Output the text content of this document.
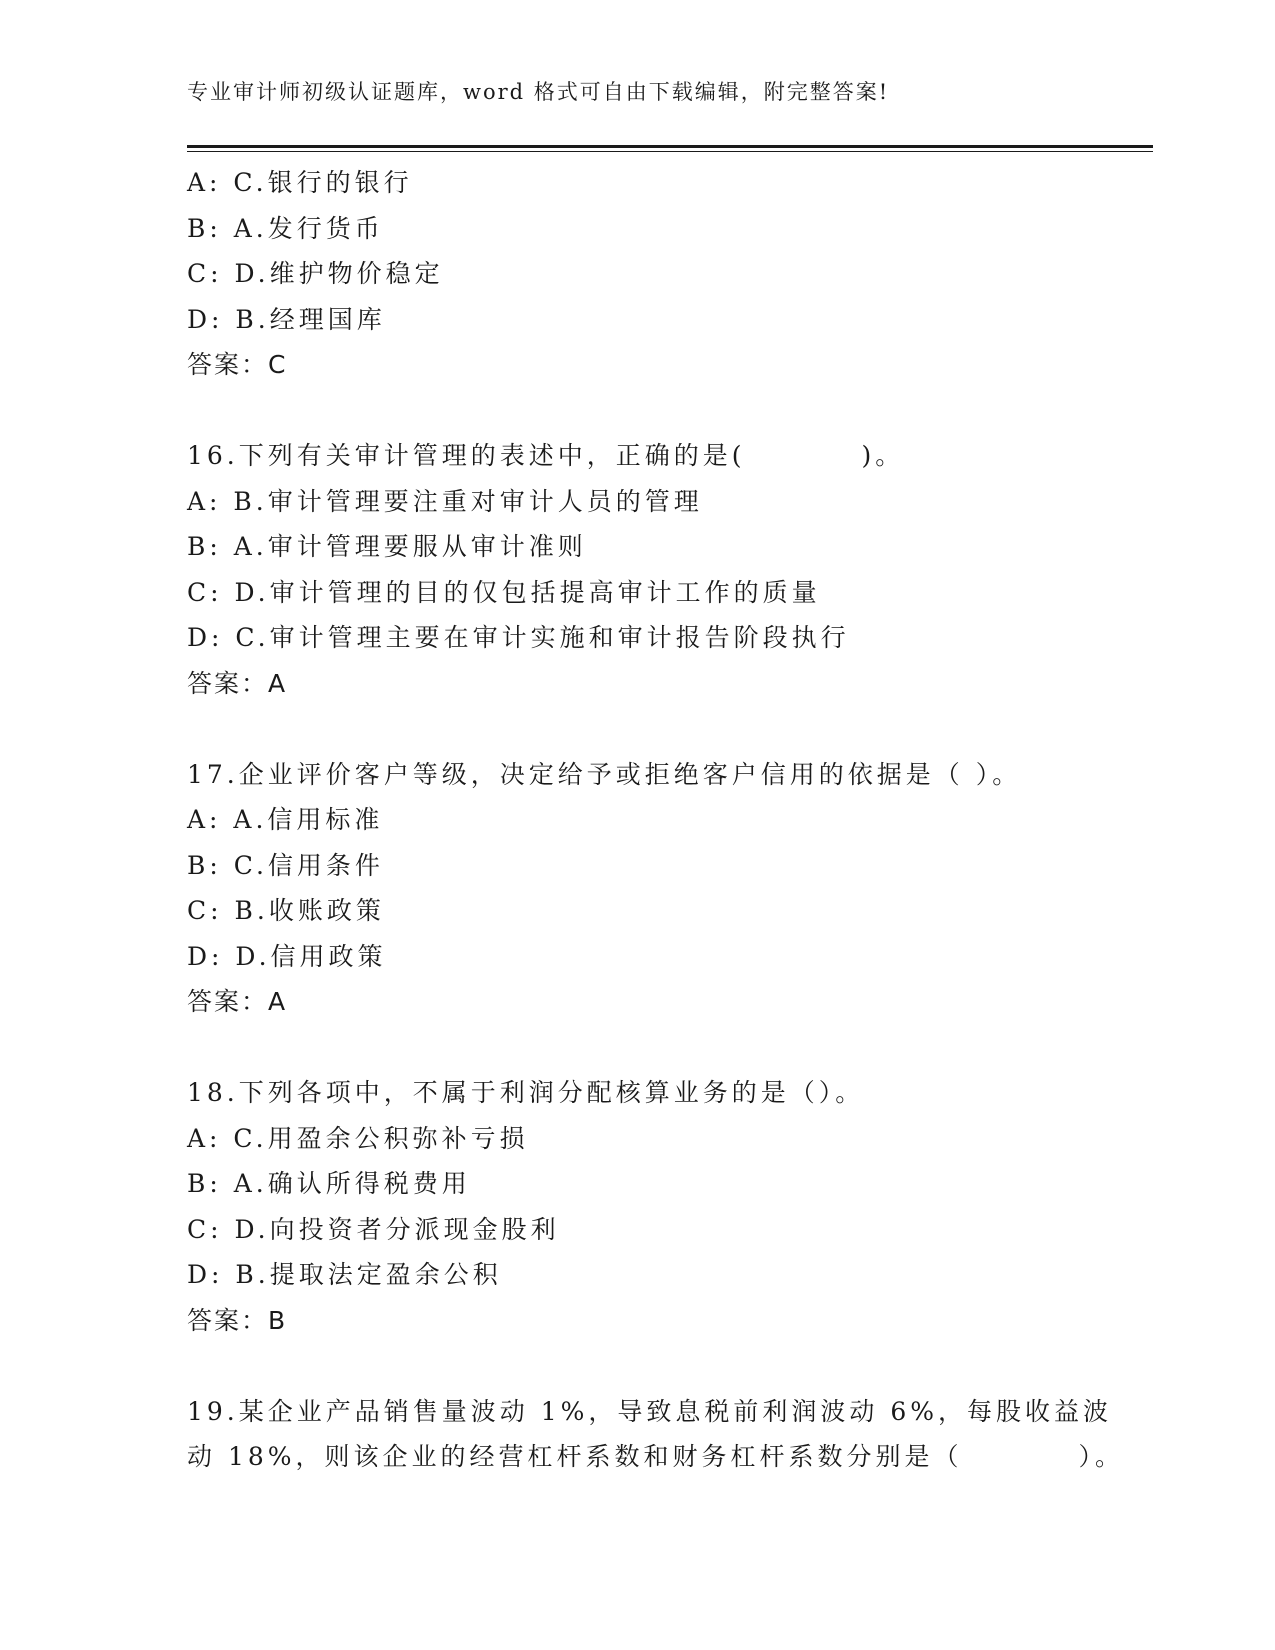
专业审计师初级认证题库，word 格式可自由下载编辑，附完整答案!
A: C.银行的银行
B: A.发行货币
C: D.维护物价稳定
D: B.经理国库
答案：C
16.下列有关审计管理的表述中，正确的是(　　　　)。
A: B.审计管理要注重对审计人员的管理
B: A.审计管理要服从审计准则
C: D.审计管理的目的仅包括提高审计工作的质量
D: C.审计管理主要在审计实施和审计报告阶段执行
答案：A
17.企业评价客户等级，决定给予或拒绝客户信用的依据是（ ）。
A: A.信用标准
B: C.信用条件
C: B.收账政策
D: D.信用政策
答案：A
18.下列各项中，不属于利润分配核算业务的是（）。
A: C.用盈余公积弥补亏损
B: A.确认所得税费用
C: D.向投资者分派现金股利
D: B.提取法定盈余公积
答案：B
19.某企业产品销售量波动 1%，导致息税前利润波动 6%，每股收益波
动 18%，则该企业的经营杠杆系数和财务杠杆系数分别是（　　　　）。
